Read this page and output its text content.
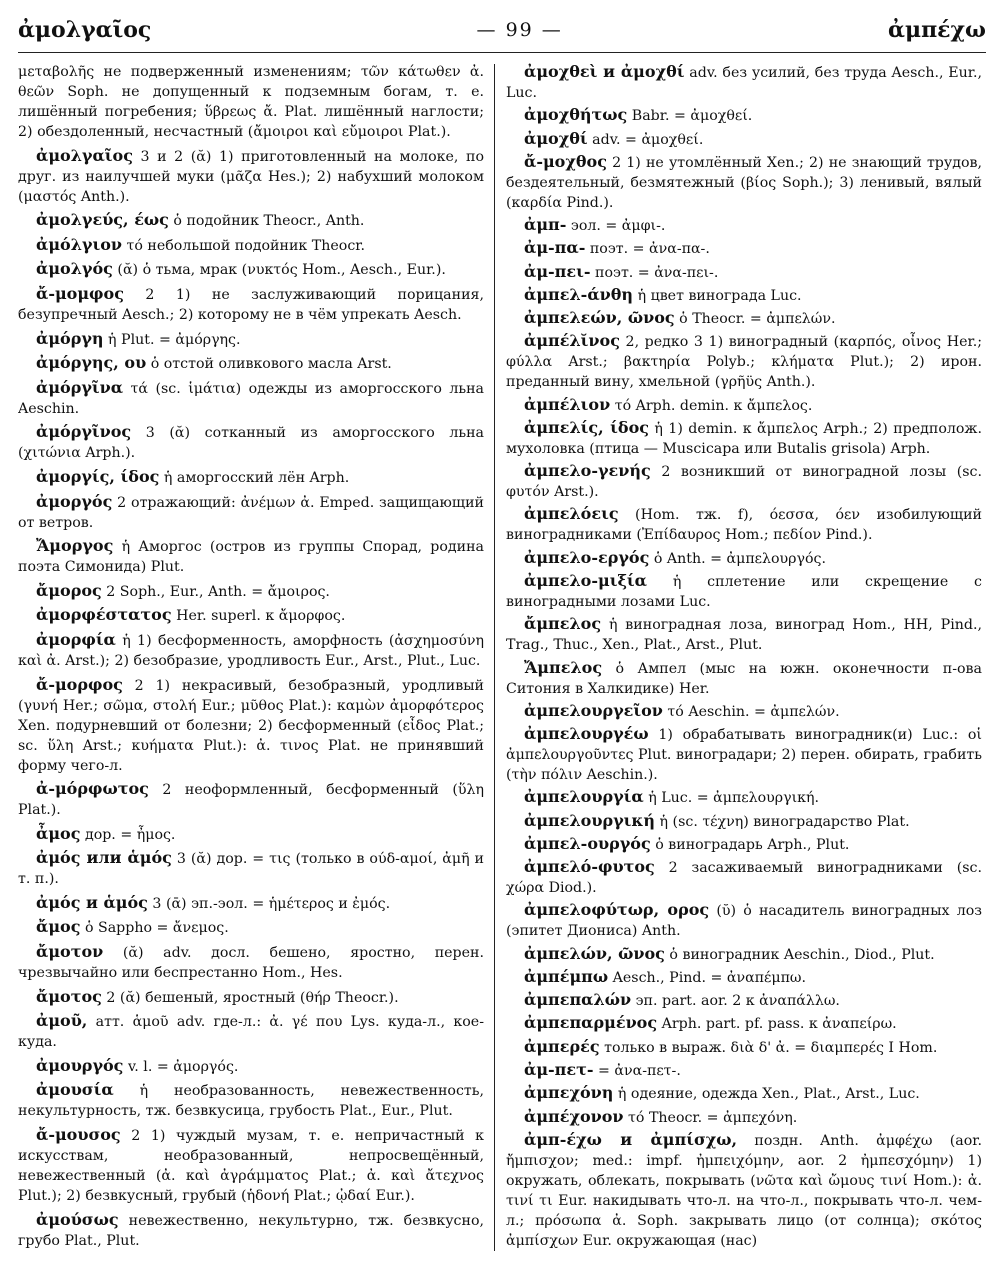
ἀμολγαῖος	— 99 —	ἀμπέχω

μεταβολῆς не подверженный изменениям; τῶν κάτωθεν ἀ. θεῶν Soph. не допущенный к подземным богам, т. е. лишённый погребения; ὕβρεως ἄ. Plat. лишённый наглости; 2) обездоленный, несчастный (ἄμοιροι καὶ εὔμοιροι Plat.).

ἀμολγαῖος 3 и 2 (ᾰ) 1) приготовленный на молоке, по друг. из наилучшей муки (μᾶζα Hes.); 2) набухший молоком (μαστός Anth.).

ἀμολγεύς, έως ὁ подойник Theocr., Anth.

ἀμόλγιον τό небольшой подойник Theocr.

ἀμολγός (ᾰ) ὁ тьма, мрак (νυκτός Hom., Aesch., Eur.).

ἄ-μομφος 2 1) не заслуживающий порицания, безупречный Aesch.; 2) которому не в чём упрекать Aesch.

ἀμόργη ἡ Plut. = ἀμόργης.

ἀμόργης, ου ὁ отстой оливкового масла Arst.

ἀμόργῖνα τά (sc. ἱμάτια) одежды из аморгосского льна Aeschin.

ἀμόργῖνος 3 (ᾰ) сотканный из аморгосского льна (χιτώνια Arph.).

ἀμοργίς, ίδος ἡ аморгосский лён Arph.

ἀμοργός 2 отражающий: ἀνέμων ἀ. Emped. защищающий от ветров.

Ἄμοργος ἡ Аморгос (остров из группы Спорад, родина поэта Симонида) Plut.

ἄμορος 2 Soph., Eur., Anth. = ἄμοιρος.

ἀμορφέστατος Her. superl. к ἄμορφος.

ἀμορφία ἡ 1) бесформенность, аморфность (ἀσχημοσύνη καὶ ἀ. Arst.); 2) безобразие, уродливость Eur., Arst., Plut., Luc.

ἄ-μορφος 2 1) некрасивый, безобразный, уродливый (γυνή Her.; σῶμα, στολή Eur.; μῦθος Plat.): καμὼν ἀμορφότερος Xen. подурневший от болезни; 2) бесформенный (εἶδος Plat.; sc. ὕλη Arst.; κυήματα Plut.): ἀ. τινος Plat. не принявший форму чего-л.

ἀ-μόρφωτος 2 неоформленный, бесформенный (ὕλη Plat.).

ἆμος дор. = ἦμος.

ἀμός или ἁμός 3 (ᾰ) дор. = τις (только в ούδ-αμοί, ἀμῆ и т. п.).

ἀμός и ἁμός 3 (ᾱ) эп.-эол. = ἡμέτερος и ἐμός.

ἄμος ὁ Sappho = ἄνεμος.

ἄμοτον (ᾰ) adv. досл. бешено, яростно, перен. чрезвычайно или беспрестанно Hom., Hes.

ἄμοτος 2 (ᾰ) бешеный, яростный (θήρ Theocr.).

ἀμοῦ, атт. ἁμοῦ adv. где-л.: ἀ. γέ που Lys. куда-л., кое-куда.

ἀμουργός v. l. = ἀμοργός.

ἀμουσία ἡ необразованность, невежественность, некультурность, тж. безвкусица, грубость Plat., Eur., Plut.

ἄ-μουσος 2 1) чуждый музам, т. е. непричастный к искусствам, необразованный, непросвещённый, невежественный (ἀ. καὶ ἀγράμματος Plat.; ἀ. καὶ ἄτεχνος Plut.); 2) безвкусный, грубый (ἡδονή Plat.; ᾠδαί Eur.).

ἀμούσως невежественно, некультурно, тж. безвкусно, грубо Plat., Plut.

ἀμοχθεὶ и ἀμοχθί adv. без усилий, без труда Aesch., Eur., Luc.

ἀμοχθήτως Babr. = ἀμοχθεί.

ἀμοχθί adv. = ἀμοχθεί.

ἄ-μοχθος 2 1) не утомлённый Xen.; 2) не знающий трудов, бездеятельный, безмятежный (βίος Soph.); 3) ленивый, вялый (καρδία Pind.).

ἀμπ- эол. = ἀμφι-.

ἀμ-πα- поэт. = ἀνα-πα-.

ἀμ-πει- поэт. = ἀνα-πει-.

ἀμπελ-άνθη ἡ цвет винограда Luc.

ἀμπελεών, ῶνος ὁ Theocr. = ἀμπελών.

ἀμπέλῐνος 2, редко 3 1) виноградный (καρπός, οἶνος Her.; φύλλα Arst.; βακτηρία Polyb.; κλήματα Plut.); 2) ирон. преданный вину, хмельной (γρῆϋς Anth.).

ἀμπέλιον τό Arph. demin. к ἄμπελος.

ἀμπελίς, ίδος ἡ 1) demin. к ἄμπελος Arph.; 2) предполож. мухоловка (птица — Muscicapa или Butalis grisola) Arph.

ἀμπελο-γενής 2 возникший от виноградной лозы (sc. φυτόν Arst.).

ἀμπελόεις (Hom. тж. f), όεσσα, όεν изобилующий виноградниками (Ἐπίδαυρος Hom.; πεδίον Pind.).

ἀμπελο-εργός ὁ Anth. = ἀμπελουργός.

ἀμπελο-μιξία ἡ сплетение или скрещение с виноградными лозами Luc.

ἄμπελος ἡ виноградная лоза, виноград Hom., HH, Pind., Trag., Thuc., Xen., Plat., Arst., Plut.

Ἄμπελος ὁ Ампел (мыс на южн. оконечности п-ова Ситония в Халкидике) Her.

ἀμπελουργεῖον τό Aeschin. = ἀμπελών.

ἀμπελουργέω 1) обрабатывать виноградник(и) Luc.: οἱ ἀμπελουργοῦντες Plut. виноградари; 2) перен. обирать, грабить (τὴν πόλιν Aeschin.).

ἀμπελουργία ἡ Luc. = ἀμπελουργική.

ἀμπελουργική ἡ (sc. τέχνη) виноградарство Plat.

ἀμπελ-ουργός ὁ виноградарь Arph., Plut.

ἀμπελό-φυτος 2 засаживаемый виноградниками (sc. χώρα Diod.).

ἀμπελοφύτωρ, ορος (ῠ) ὁ насадитель виноградных лоз (эпитет Диониса) Anth.

ἀμπελών, ῶνος ὁ виноградник Aeschin., Diod., Plut.

ἀμπέμπω Aesch., Pind. = ἀναπέμπω.

ἀμπεπαλών эп. part. aor. 2 к ἀναπάλλω.

ἀμπεπαρμένος Arph. part. pf. pass. к ἀναπείρω.

ἀμπερές только в выраж. διὰ δ' ἀ. = διαμπερές I Hom.

ἀμ-πετ- = ἀνα-πετ-.

ἀμπεχόνη ἡ одеяние, одежда Xen., Plat., Arst., Luc.

ἀμπέχονον τό Theocr. = ἀμπεχόνη.

ἀμπ-έχω и ἀμπίσχω, поздн. Anth. ἀμφέχω (aor. ἤμπισχον; med.: impf. ἠμπειχόμην, aor. 2 ἠμπεσχόμην) 1) окружать, облекать, покрывать (νῶτα καὶ ὤμους τινί Hom.): ἀ. τινί τι Eur. накидывать что-л. на что-л., покрывать что-л. чем-л.; πρόσωπα ἀ. Soph. закрывать лицо (от солнца); σκότος ἀμπίσχων Eur. окружающая (нас)
